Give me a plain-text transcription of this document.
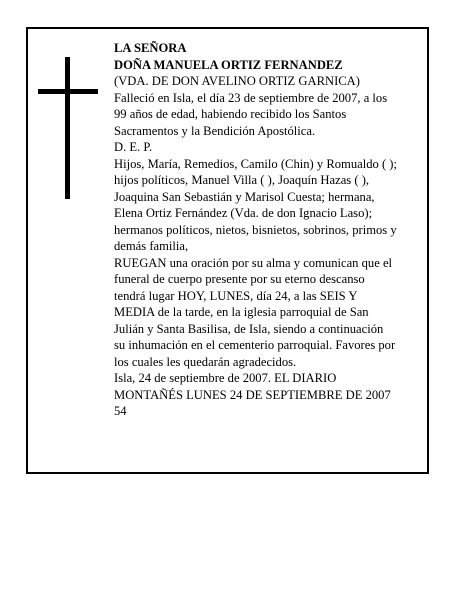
LA SEÑORA

DOÑA MANUELA ORTIZ FERNANDEZ

(VDA. DE DON AVELINO ORTIZ GARNICA)

Falleció en Isla, el día 23 de septiembre de 2007, a los

99 años de edad, habiendo recibido los Santos

Sacramentos y la Bendición Apostólica.

D. E. P.

Hijos, María, Remedios, Camilo (Chin) y Romualdo ( );

hijos políticos, Manuel Villa ( ), Joaquín Hazas ( ),

Joaquina San Sebastián y Marisol Cuesta; hermana,

Elena Ortiz Fernández (Vda. de don Ignacio Laso);

hermanos políticos, nietos, bisnietos, sobrinos, primos y

demás familia,

RUEGAN una oración por su alma y comunican que el

funeral de cuerpo presente por su eterno descanso

tendrá lugar HOY, LUNES, día 24, a las SEIS Y

MEDIA de la tarde, en la iglesia parroquial de San

Julián y Santa Basilisa, de Isla, siendo a continuación

su inhumación en el cementerio parroquial. Favores por

los cuales les quedarán agradecidos.

Isla, 24 de septiembre de 2007. EL DIARIO

MONTAÑÉS LUNES 24 DE SEPTIEMBRE DE 2007

54
